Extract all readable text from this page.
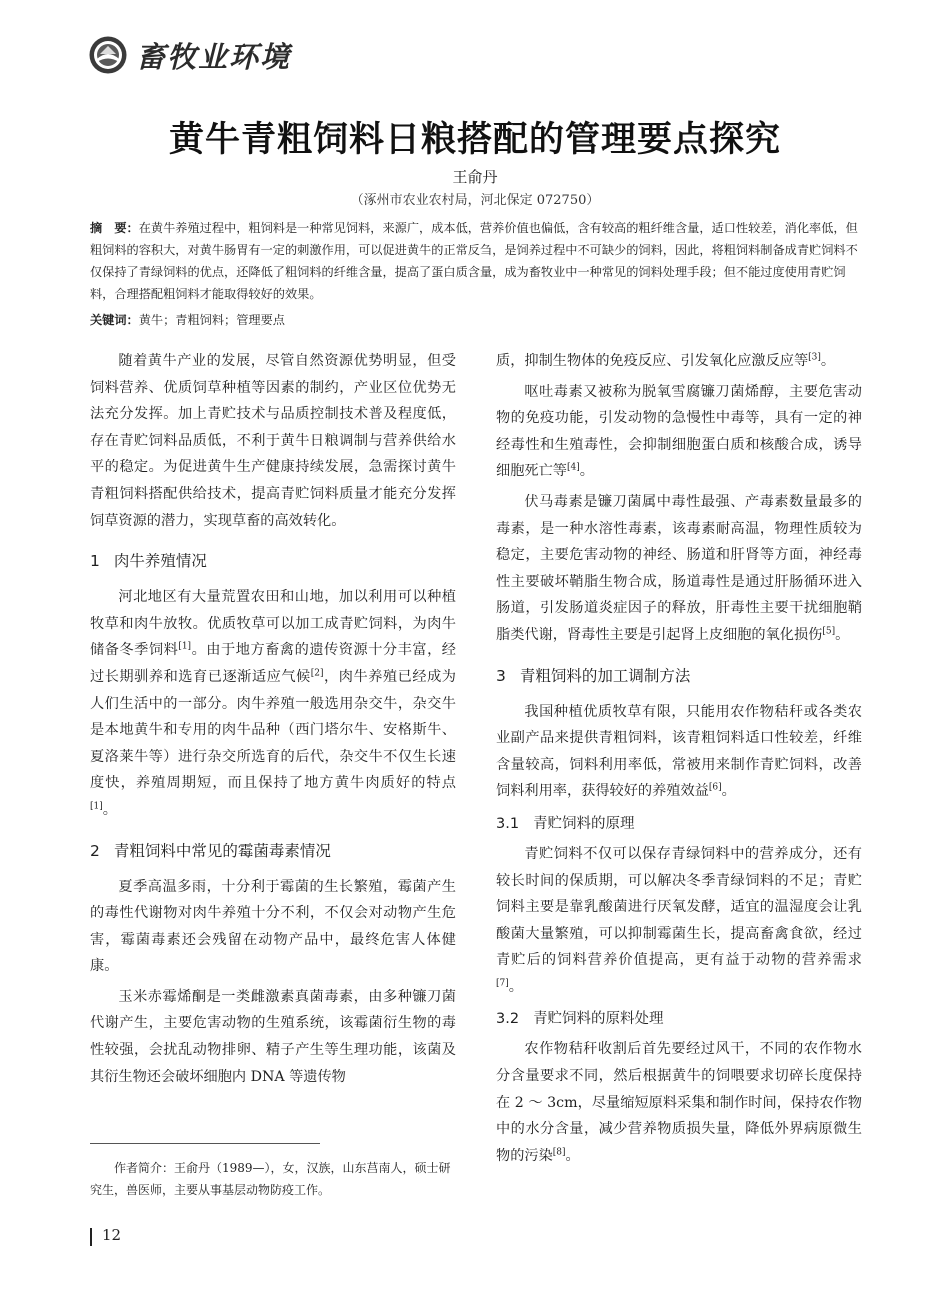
畜牧业环境
黄牛青粗饲料日粮搭配的管理要点探究
王俞丹
（涿州市农业农村局，河北保定 072750）
摘　要：在黄牛养殖过程中，粗饲料是一种常见饲料，来源广，成本低，营养价值也偏低，含有较高的粗纤维含量，适口性较差，消化率低，但粗饲料的容积大，对黄牛肠胃有一定的刺激作用，可以促进黄牛的正常反刍，是饲养过程中不可缺少的饲料，因此，将粗饲料制备成青贮饲料不仅保持了青绿饲料的优点，还降低了粗饲料的纤维含量，提高了蛋白质含量，成为畜牧业中一种常见的饲料处理手段；但不能过度使用青贮饲料，合理搭配粗饲料才能取得较好的效果。
关键词：黄牛；青粗饲料；管理要点

随着黄牛产业的发展，尽管自然资源优势明显，但受饲料营养、优质饲草种植等因素的制约，产业区位优势无法充分发挥。加上青贮技术与品质控制技术普及程度低，存在青贮饲料品质低，不利于黄牛日粮调制与营养供给水平的稳定。为促进黄牛生产健康持续发展，急需探讨黄牛青粗饲料搭配供给技术，提高青贮饲料质量才能充分发挥饲草资源的潜力，实现草畜的高效转化。

1 肉牛养殖情况

河北地区有大量荒置农田和山地，加以利用可以种植牧草和肉牛放牧。优质牧草可以加工成青贮饲料，为肉牛储备冬季饲料[1]。由于地方畜禽的遗传资源十分丰富，经过长期驯养和选育已逐渐适应气候[2]，肉牛养殖已经成为人们生活中的一部分。肉牛养殖一般选用杂交牛，杂交牛是本地黄牛和专用的肉牛品种（西门塔尔牛、安格斯牛、夏洛莱牛等）进行杂交所选育的后代，杂交牛不仅生长速度快，养殖周期短，而且保持了地方黄牛肉质好的特点[1]。

2 青粗饲料中常见的霉菌毒素情况

夏季高温多雨，十分利于霉菌的生长繁殖，霉菌产生的毒性代谢物对肉牛养殖十分不利，不仅会对动物产生危害，霉菌毒素还会残留在动物产品中，最终危害人体健康。

玉米赤霉烯酮是一类雌激素真菌毒素，由多种镰刀菌代谢产生，主要危害动物的生殖系统，该霉菌衍生物的毒性较强，会扰乱动物排卵、精子产生等生理功能，该菌及其衍生物还会破坏细胞内 DNA 等遗传物

质，抑制生物体的免疫反应、引发氧化应激反应等[3]。

呕吐毒素又被称为脱氧雪腐镰刀菌烯醇，主要危害动物的免疫功能，引发动物的急慢性中毒等，具有一定的神经毒性和生殖毒性，会抑制细胞蛋白质和核酸合成，诱导细胞死亡等[4]。

伏马毒素是镰刀菌属中毒性最强、产毒素数量最多的毒素，是一种水溶性毒素，该毒素耐高温，物理性质较为稳定，主要危害动物的神经、肠道和肝肾等方面，神经毒性主要破坏鞘脂生物合成，肠道毒性是通过肝肠循环进入肠道，引发肠道炎症因子的释放，肝毒性主要干扰细胞鞘脂类代谢，肾毒性主要是引起肾上皮细胞的氧化损伤[5]。

3 青粗饲料的加工调制方法

我国种植优质牧草有限，只能用农作物秸秆或各类农业副产品来提供青粗饲料，该青粗饲料适口性较差，纤维含量较高，饲料利用率低，常被用来制作青贮饲料，改善饲料利用率，获得较好的养殖效益[6]。

3.1 青贮饲料的原理

青贮饲料不仅可以保存青绿饲料中的营养成分，还有较长时间的保质期，可以解决冬季青绿饲料的不足；青贮饲料主要是靠乳酸菌进行厌氧发酵，适宜的温湿度会让乳酸菌大量繁殖，可以抑制霉菌生长，提高畜禽食欲，经过青贮后的饲料营养价值提高，更有益于动物的营养需求[7]。

3.2 青贮饲料的原料处理

农作物秸秆收割后首先要经过风干，不同的农作物水分含量要求不同，然后根据黄牛的饲喂要求切碎长度保持在 2 ～ 3cm，尽量缩短原料采集和制作时间，保持农作物中的水分含量，减少营养物质损失量，降低外界病原微生物的污染[8]。

作者简介：王俞丹（1989—），女，汉族，山东莒南人，硕士研究生，兽医师，主要从事基层动物防疫工作。
12
